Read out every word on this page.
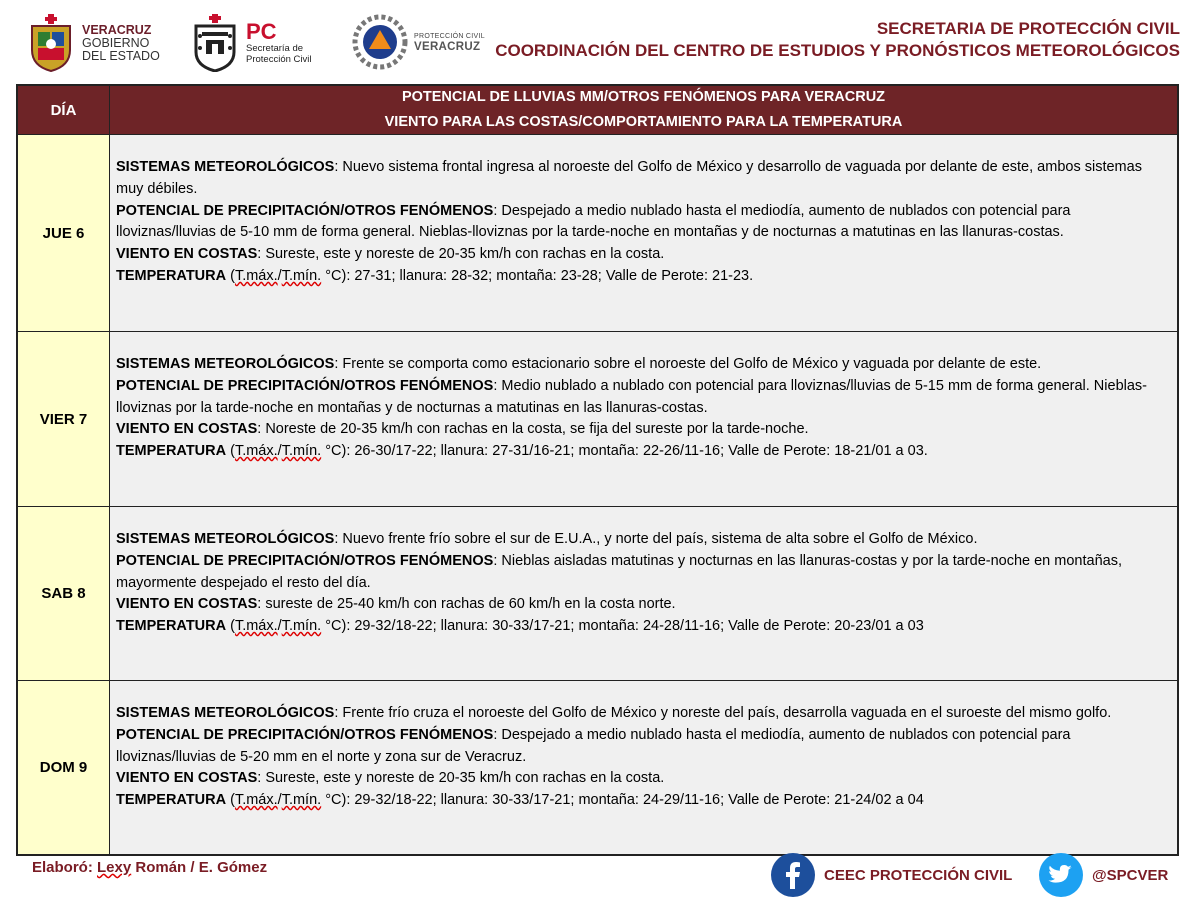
VERACRUZ
GOBIERNO
DEL ESTADO
PC
Secretaría de
Protección Civil
PROTECCIÓN CIVIL
VERACRUZ
SECRETARIA DE PROTECCIÓN CIVIL
COORDINACIÓN DEL CENTRO DE ESTUDIOS Y PRONÓSTICOS METEOROLÓGICOS
DÍA
POTENCIAL DE LLUVIAS MM/OTROS FENÓMENOS PARA VERACRUZ
VIENTO PARA LAS COSTAS/COMPORTAMIENTO PARA LA TEMPERATURA
JUE 6
SISTEMAS METEOROLÓGICOS: Nuevo sistema frontal ingresa al noroeste del Golfo de México y desarrollo de vaguada por delante de este, ambos sistemas muy débiles.
POTENCIAL DE PRECIPITACIÓN/OTROS FENÓMENOS: Despejado a medio nublado hasta el mediodía, aumento de nublados con potencial para lloviznas/lluvias de 5-10 mm de forma general. Nieblas-lloviznas por la tarde-noche en montañas y de nocturnas a matutinas en las llanuras-costas.
VIENTO EN COSTAS: Sureste, este y noreste de 20-35 km/h con rachas en la costa.
TEMPERATURA (T.máx./T.mín. °C): 27-31; llanura: 28-32; montaña: 23-28; Valle de Perote: 21-23.
VIER 7
SISTEMAS METEOROLÓGICOS: Frente se comporta como estacionario sobre el noroeste del Golfo de México y vaguada por delante de este.
POTENCIAL DE PRECIPITACIÓN/OTROS FENÓMENOS: Medio nublado a nublado con potencial para lloviznas/lluvias de 5-15 mm de forma general. Nieblas-lloviznas por la tarde-noche en montañas y de nocturnas a matutinas en las llanuras-costas.
VIENTO EN COSTAS: Noreste de 20-35 km/h con rachas en la costa, se fija del sureste por la tarde-noche.
TEMPERATURA (T.máx./T.mín. °C): 26-30/17-22; llanura: 27-31/16-21; montaña: 22-26/11-16; Valle de Perote: 18-21/01 a 03.
SAB 8
SISTEMAS METEOROLÓGICOS: Nuevo frente frío sobre el sur de E.U.A., y norte del país, sistema de alta sobre el Golfo de México.
POTENCIAL DE PRECIPITACIÓN/OTROS FENÓMENOS: Nieblas aisladas matutinas y nocturnas en las llanuras-costas y por la tarde-noche en montañas, mayormente despejado el resto del día.
VIENTO EN COSTAS: sureste de 25-40 km/h con rachas de 60 km/h en la costa norte.
TEMPERATURA (T.máx./T.mín. °C): 29-32/18-22; llanura: 30-33/17-21; montaña: 24-28/11-16; Valle de Perote: 20-23/01 a 03
DOM 9
SISTEMAS METEOROLÓGICOS: Frente frío cruza el noroeste del Golfo de México y noreste del país, desarrolla vaguada en el suroeste del mismo golfo.
POTENCIAL DE PRECIPITACIÓN/OTROS FENÓMENOS: Despejado a medio nublado hasta el mediodía, aumento de nublados con potencial para lloviznas/lluvias de 5-20 mm en el norte y zona sur de Veracruz.
VIENTO EN COSTAS: Sureste, este y noreste de 20-35 km/h con rachas en la costa.
TEMPERATURA (T.máx./T.mín. °C): 29-32/18-22; llanura: 30-33/17-21; montaña: 24-29/11-16; Valle de Perote: 21-24/02 a 04
Elaboró: Lexy Román / E. Gómez	CEEC PROTECCIÓN CIVIL	@SPCVER
